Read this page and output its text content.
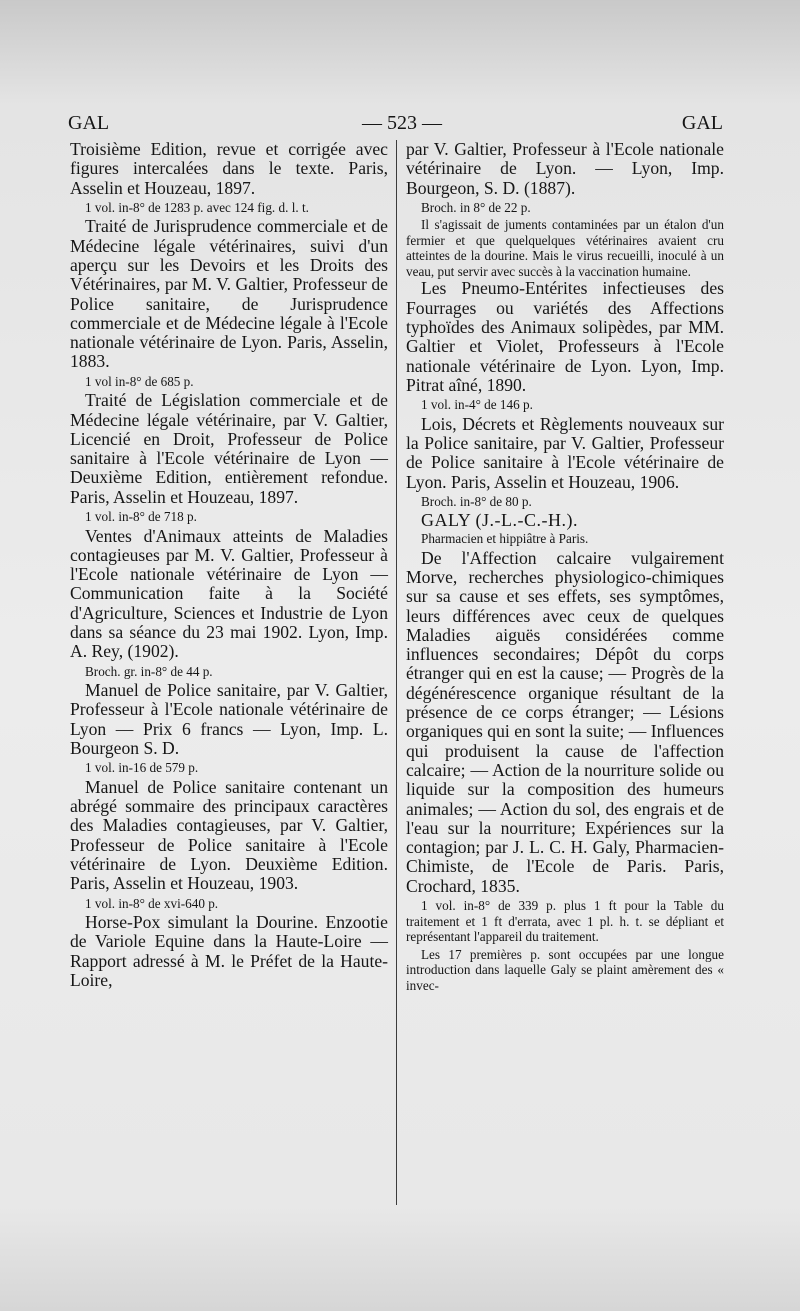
GAL	— 523 —	GAL

Troisième Edition, revue et corrigée avec figures intercalées dans le texte. Paris, Asselin et Houzeau, 1897.

1 vol. in-8° de 1283 p. avec 124 fig. d. l. t.

Traité de Jurisprudence commerciale et de Médecine légale vétérinaires, suivi d'un aperçu sur les Devoirs et les Droits des Vétérinaires, par M. V. Galtier, Professeur de Police sanitaire, de Jurisprudence commerciale et de Médecine légale à l'Ecole nationale vétérinaire de Lyon. Paris, Asselin, 1883.

1 vol in-8° de 685 p.

Traité de Législation commerciale et de Médecine légale vétérinaire, par V. Galtier, Licencié en Droit, Professeur de Police sanitaire à l'Ecole vétérinaire de Lyon — Deuxième Edition, entièrement refondue. Paris, Asselin et Houzeau, 1897.

1 vol. in-8° de 718 p.

Ventes d'Animaux atteints de Maladies contagieuses par M. V. Galtier, Professeur à l'Ecole nationale vétérinaire de Lyon — Communication faite à la Société d'Agriculture, Sciences et Industrie de Lyon dans sa séance du 23 mai 1902. Lyon, Imp. A. Rey, (1902).

Broch. gr. in-8° de 44 p.

Manuel de Police sanitaire, par V. Galtier, Professeur à l'Ecole nationale vétérinaire de Lyon — Prix 6 francs — Lyon, Imp. L. Bourgeon S. D.

1 vol. in-16 de 579 p.

Manuel de Police sanitaire contenant un abrégé sommaire des principaux caractères des Maladies contagieuses, par V. Galtier, Professeur de Police sanitaire à l'Ecole vétérinaire de Lyon. Deuxième Edition. Paris, Asselin et Houzeau, 1903.

1 vol. in-8° de xvi-640 p.

Horse-Pox simulant la Dourine. Enzootie de Variole Equine dans la Haute-Loire — Rapport adressé à M. le Préfet de la Haute-Loire,

par V. Galtier, Professeur à l'Ecole nationale vétérinaire de Lyon. — Lyon, Imp. Bourgeon, S. D. (1887).

Broch. in 8° de 22 p.

Il s'agissait de juments contaminées par un étalon d'un fermier et que quelquelques vétérinaires avaient cru atteintes de la dourine. Mais le virus recueilli, inoculé à un veau, put servir avec succès à la vaccination humaine.

Les Pneumo-Entérites infectieuses des Fourrages ou variétés des Affections typhoïdes des Animaux solipèdes, par MM. Galtier et Violet, Professeurs à l'Ecole nationale vétérinaire de Lyon. Lyon, Imp. Pitrat aîné, 1890.

1 vol. in-4° de 146 p.

Lois, Décrets et Règlements nouveaux sur la Police sanitaire, par V. Galtier, Professeur de Police sanitaire à l'Ecole vétérinaire de Lyon. Paris, Asselin et Houzeau, 1906.

Broch. in-8° de 80 p.

GALY (J.-L.-C.-H.).

Pharmacien et hippiâtre à Paris.

De l'Affection calcaire vulgairement Morve, recherches physiologico-chimiques sur sa cause et ses effets, ses symptômes, leurs différences avec ceux de quelques Maladies aiguës considérées comme influences secondaires; Dépôt du corps étranger qui en est la cause; — Progrès de la dégénérescence organique résultant de la présence de ce corps étranger; — Lésions organiques qui en sont la suite; — Influences qui produisent la cause de l'affection calcaire; — Action de la nourriture solide ou liquide sur la composition des humeurs animales; — Action du sol, des engrais et de l'eau sur la nourriture; Expériences sur la contagion; par J. L. C. H. Galy, Pharmacien-Chimiste, de l'Ecole de Paris. Paris, Crochard, 1835.

1 vol. in-8° de 339 p. plus 1 ft pour la Table du traitement et 1 ft d'errata, avec 1 pl. h. t. se dépliant et représentant l'appareil du traitement.

Les 17 premières p. sont occupées par une longue introduction dans laquelle Galy se plaint amèrement des « invec-
